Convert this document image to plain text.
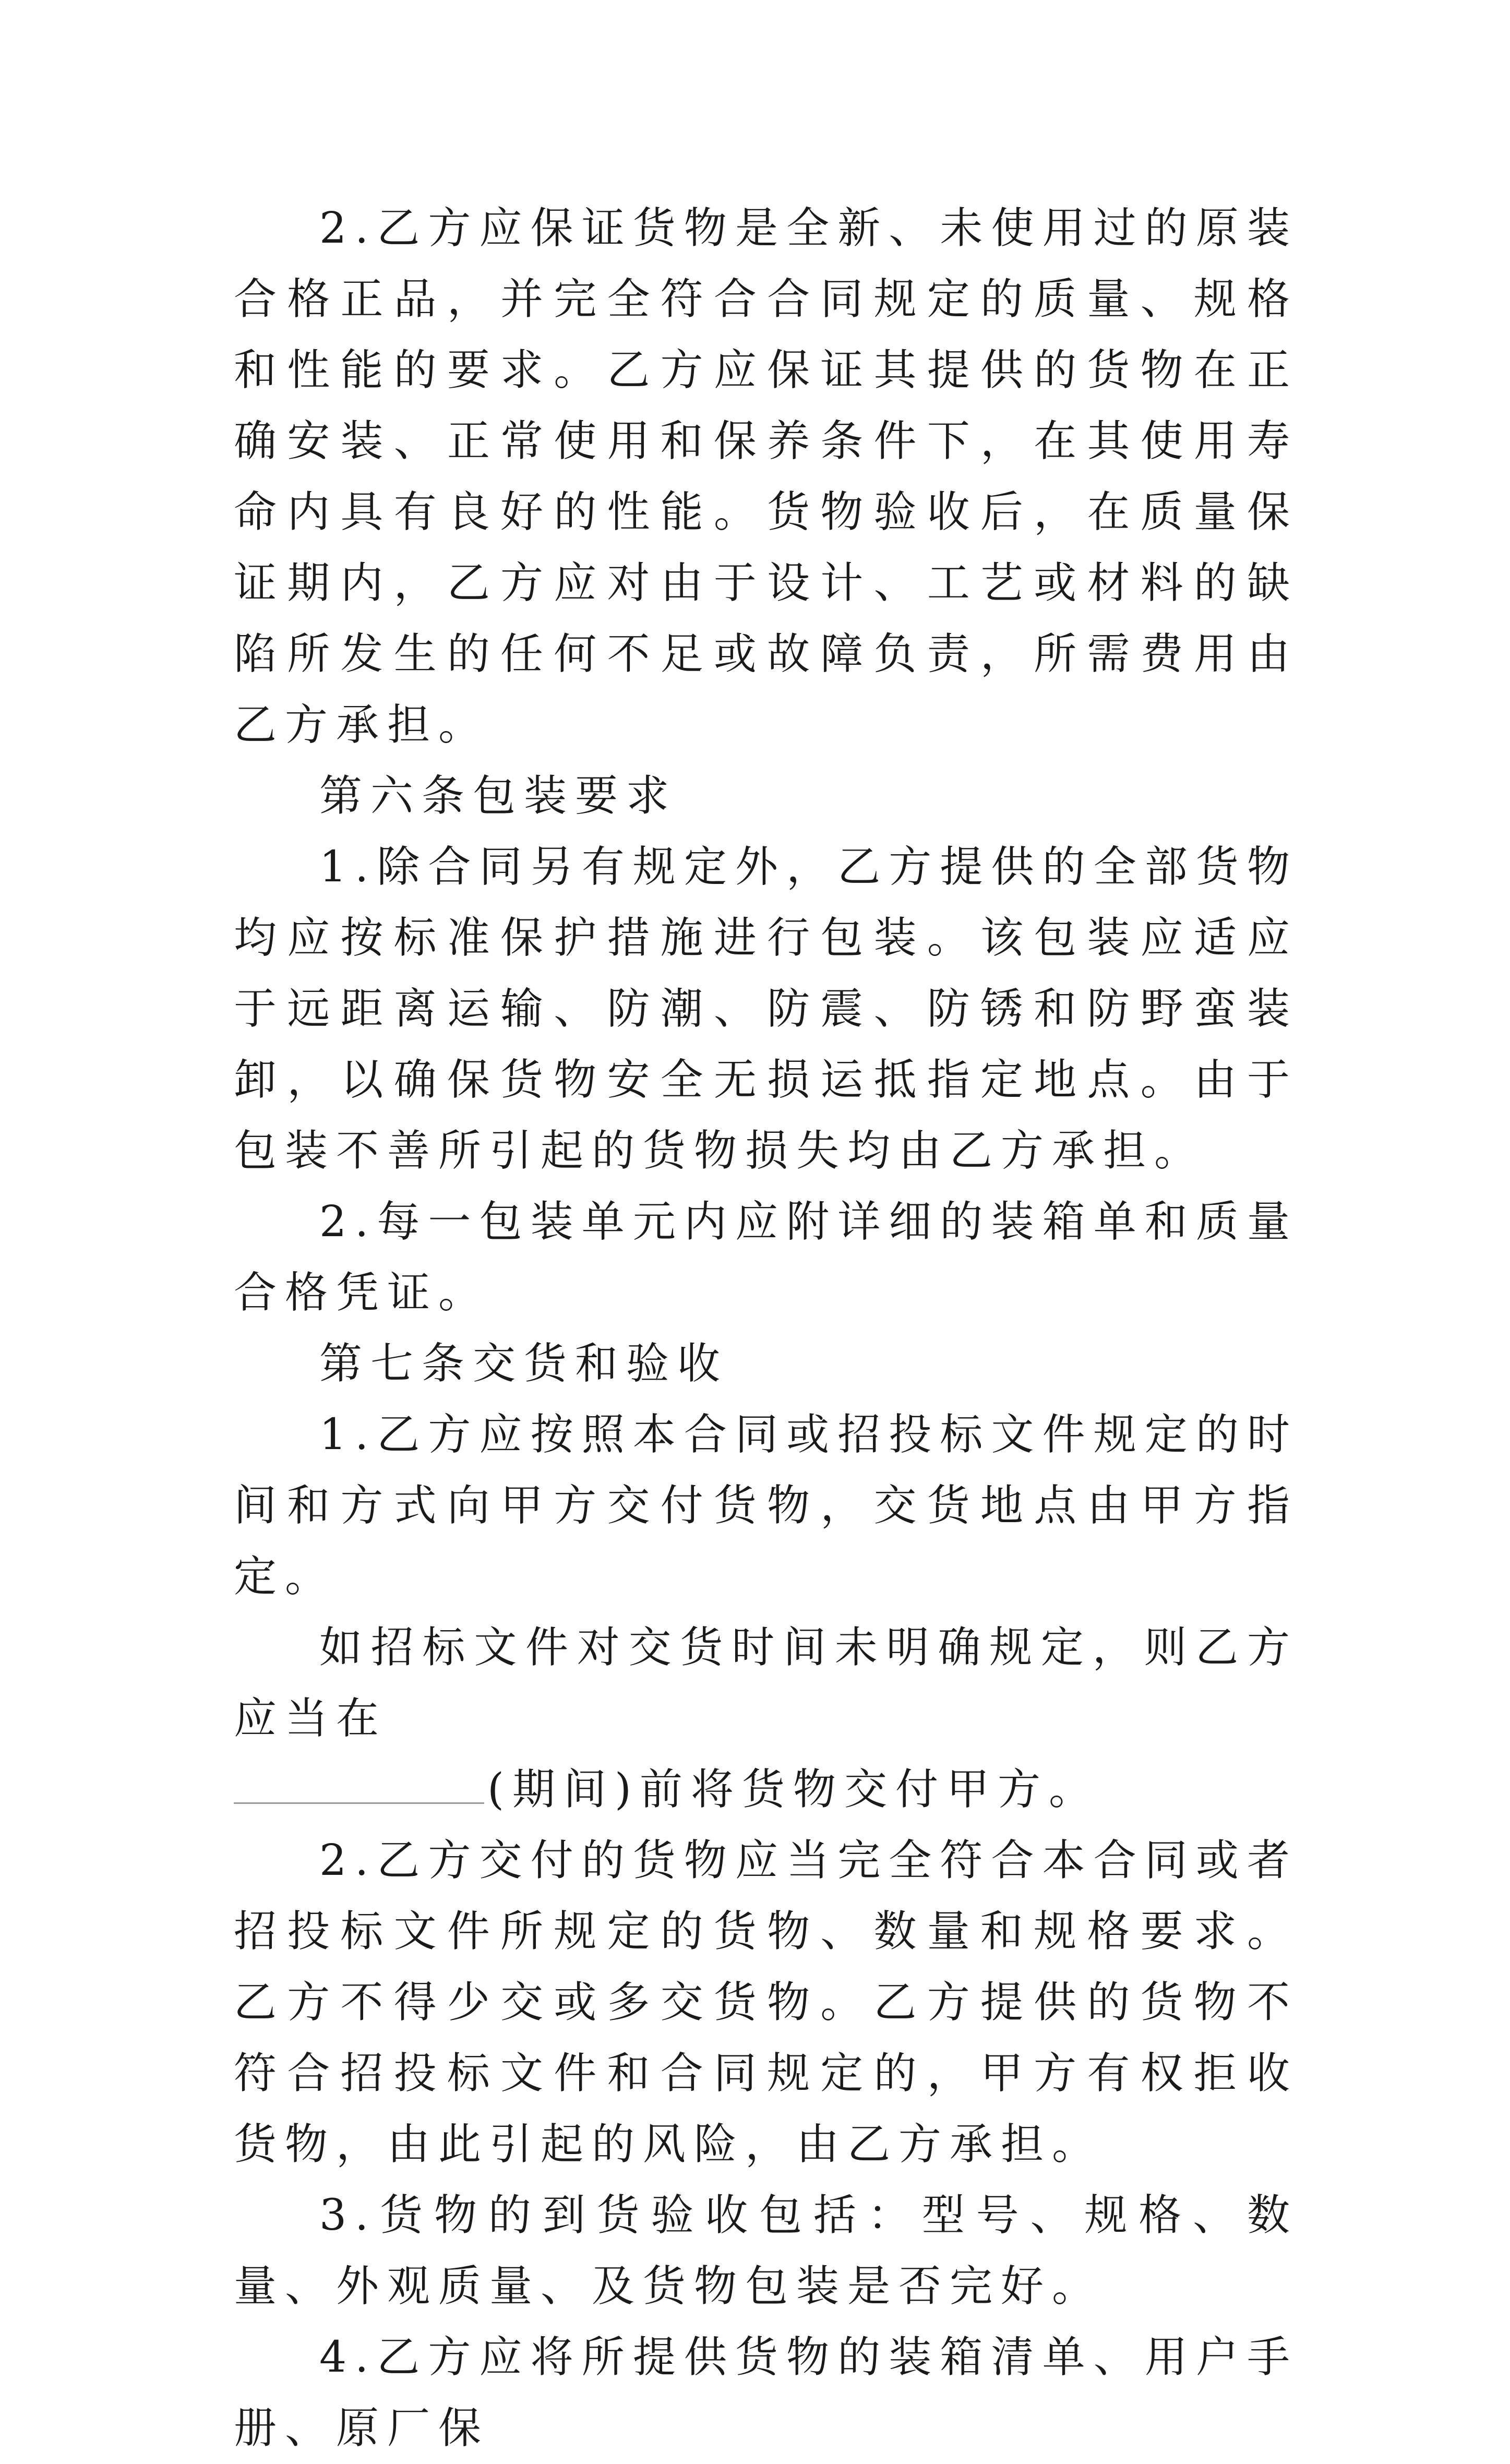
2.乙方应保证货物是全新、未使用过的原装合格正品，并完全符合合同规定的质量、规格和性能的要求。乙方应保证其提供的货物在正确安装、正常使用和保养条件下，在其使用寿命内具有良好的性能。货物验收后，在质量保证期内，乙方应对由于设计、工艺或材料的缺陷所发生的任何不足或故障负责，所需费用由乙方承担。

第六条包装要求

1.除合同另有规定外，乙方提供的全部货物均应按标准保护措施进行包装。该包装应适应于远距离运输、防潮、防震、防锈和防野蛮装卸，以确保货物安全无损运抵指定地点。由于包装不善所引起的货物损失均由乙方承担。

2.每一包装单元内应附详细的装箱单和质量合格凭证。

第七条交货和验收

1.乙方应按照本合同或招投标文件规定的时间和方式向甲方交付货物，交货地点由甲方指定。

如招标文件对交货时间未明确规定，则乙方应当在

(期间)前将货物交付甲方。

2.乙方交付的货物应当完全符合本合同或者招投标文件所规定的货物、数量和规格要求。乙方不得少交或多交货物。乙方提供的货物不符合招投标文件和合同规定的，甲方有权拒收货物，由此引起的风险，由乙方承担。

3.货物的到货验收包括：型号、规格、数量、外观质量、及货物包装是否完好。

4.乙方应将所提供货物的装箱清单、用户手册、原厂保
